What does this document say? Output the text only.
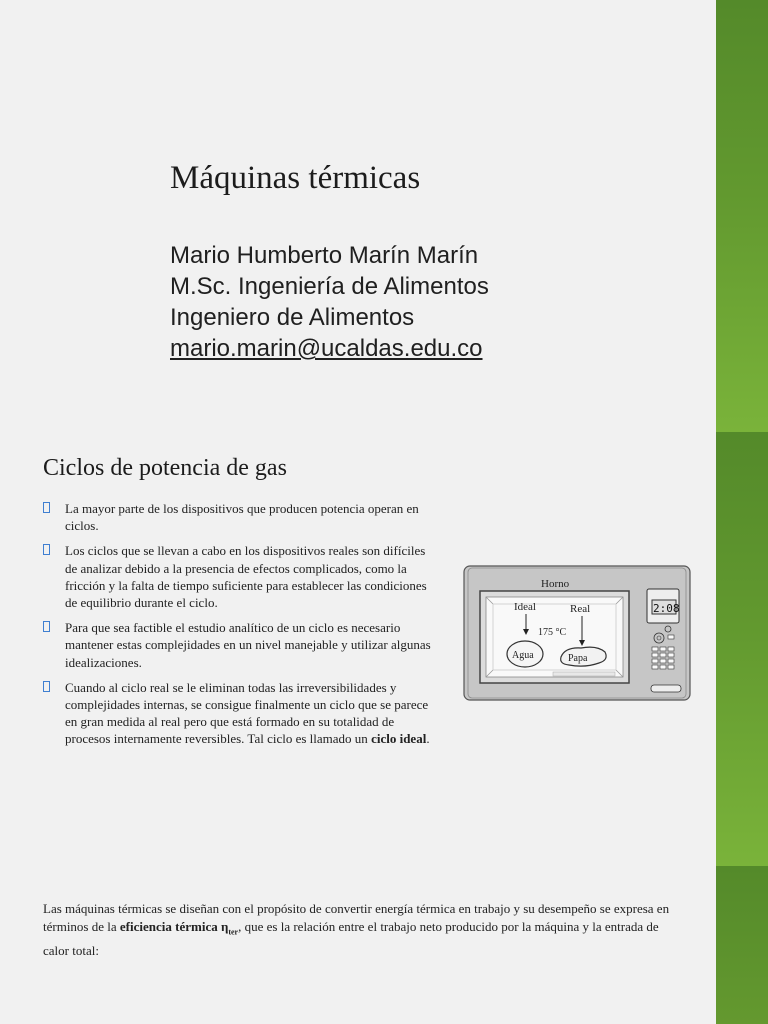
Máquinas térmicas
Mario Humberto Marín Marín
M.Sc. Ingeniería de Alimentos
Ingeniero de Alimentos
mario.marin@ucaldas.edu.co
Ciclos de potencia de gas
La mayor parte de los dispositivos que producen potencia operan en ciclos.
Los ciclos que se llevan a cabo en los dispositivos reales son difíciles de analizar debido a la presencia de efectos complicados, como la fricción y la falta de tiempo suficiente para establecer las condiciones de equilibrio durante el ciclo.
Para que sea factible el estudio analítico de un ciclo es necesario mantener estas complejidades en un nivel manejable y utilizar algunas idealizaciones.
Cuando al ciclo real se le eliminan todas las irreversibilidades y complejidades internas, se consigue finalmente un ciclo que se parece en gran medida al real pero que está formado en su totalidad de procesos internamente reversibles. Tal ciclo es llamado un ciclo ideal.
Horno
Ideal	Real
175 °C
Agua	Papa
2:08
Las máquinas térmicas se diseñan con el propósito de convertir energía térmica en trabajo y su desempeño se expresa en términos de la eficiencia térmica $\eta_{ter}$, que es la relación entre el trabajo neto producido por la máquina y la entrada de calor total:
